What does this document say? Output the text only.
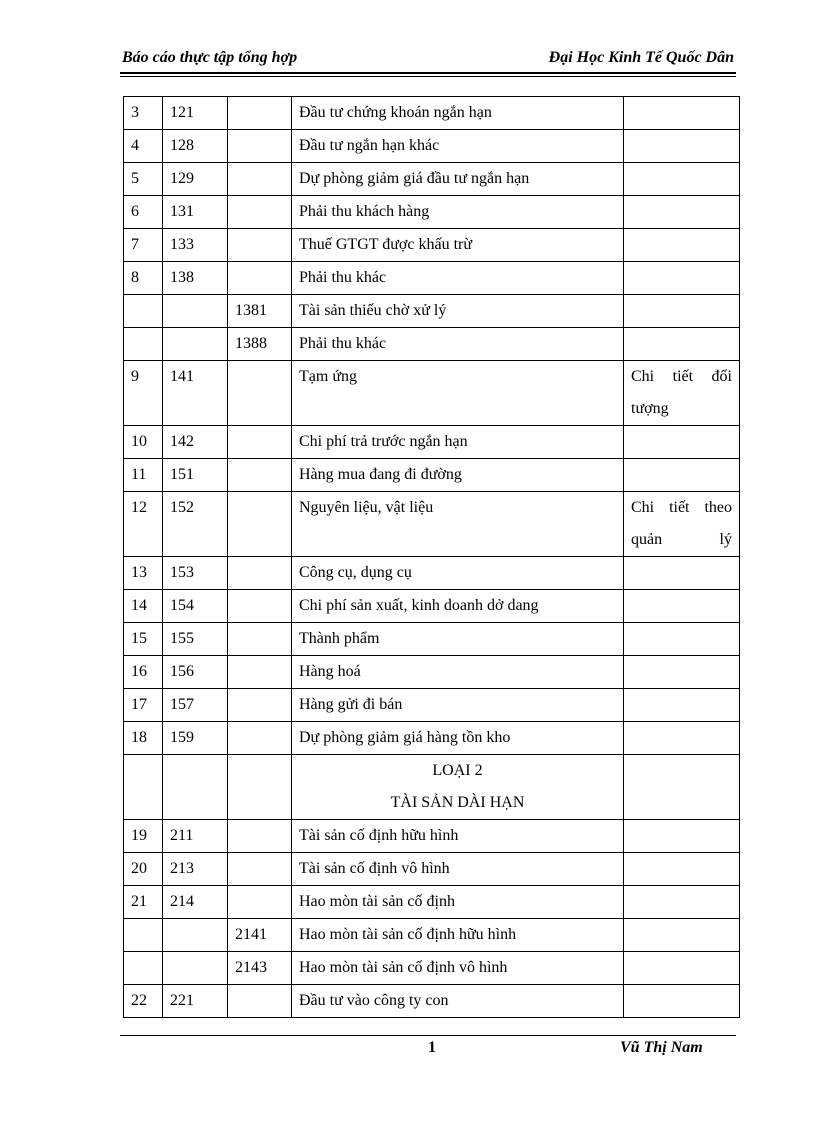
Báo cáo thực tập tổng hợp	Đại Học Kinh Tế Quốc Dân
3	121		Đầu tư chứng khoán ngắn hạn	
4	128		Đầu tư ngắn hạn khác	
5	129		Dự phòng giảm giá đầu tư ngắn hạn	
6	131		Phải thu khách hàng	
7	133		Thuế GTGT được khấu trừ	
8	138		Phải thu khác	
		1381	Tài sản thiếu chờ xử lý	
		1388	Phải thu khác	
9	141		Tạm ứng	Chi tiết đối tượng
10	142		Chi phí trả trước ngắn hạn	
11	151		Hàng mua đang đi đường	
12	152		Nguyên liệu, vật liệu	Chi tiết theo quản lý
13	153		Công cụ, dụng cụ	
14	154		Chi phí sản xuất, kinh doanh dở dang	
15	155		Thành phẩm	
16	156		Hàng hoá	
17	157		Hàng gửi đi bán	
18	159		Dự phòng giảm giá hàng tồn kho	

			LOẠI 2
TÀI SẢN DÀI HẠN	

19	211		Tài sản cố định hữu hình	
20	213		Tài sản cố định vô hình	
21	214		Hao mòn tài sản cố định	
		2141	Hao mòn tài sản cố định hữu hình	
		2143	Hao mòn tài sản cố định vô hình	
22	221		Đầu tư vào công ty con	
1	Vũ Thị Nam
